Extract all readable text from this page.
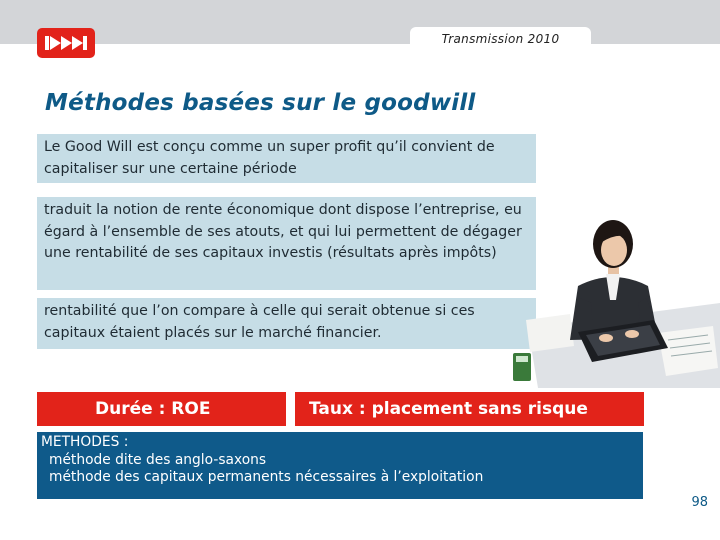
Transmission 2010
Méthodes basées sur le goodwill
Le Good Will est conçu comme un super profit qu’il convient de capitaliser sur une certaine période
traduit la notion de rente économique dont dispose l’entreprise, eu égard à l’ensemble de ses atouts, et qui lui permettent de dégager une rentabilité de ses capitaux investis (résultats après impôts)
rentabilité que l’on compare à celle qui serait obtenue si ces capitaux étaient placés sur le marché financier.
Durée : ROE	Taux : placement sans risque
METHODES :
méthode dite des anglo-saxons
méthode des capitaux permanents nécessaires à l’exploitation
98
